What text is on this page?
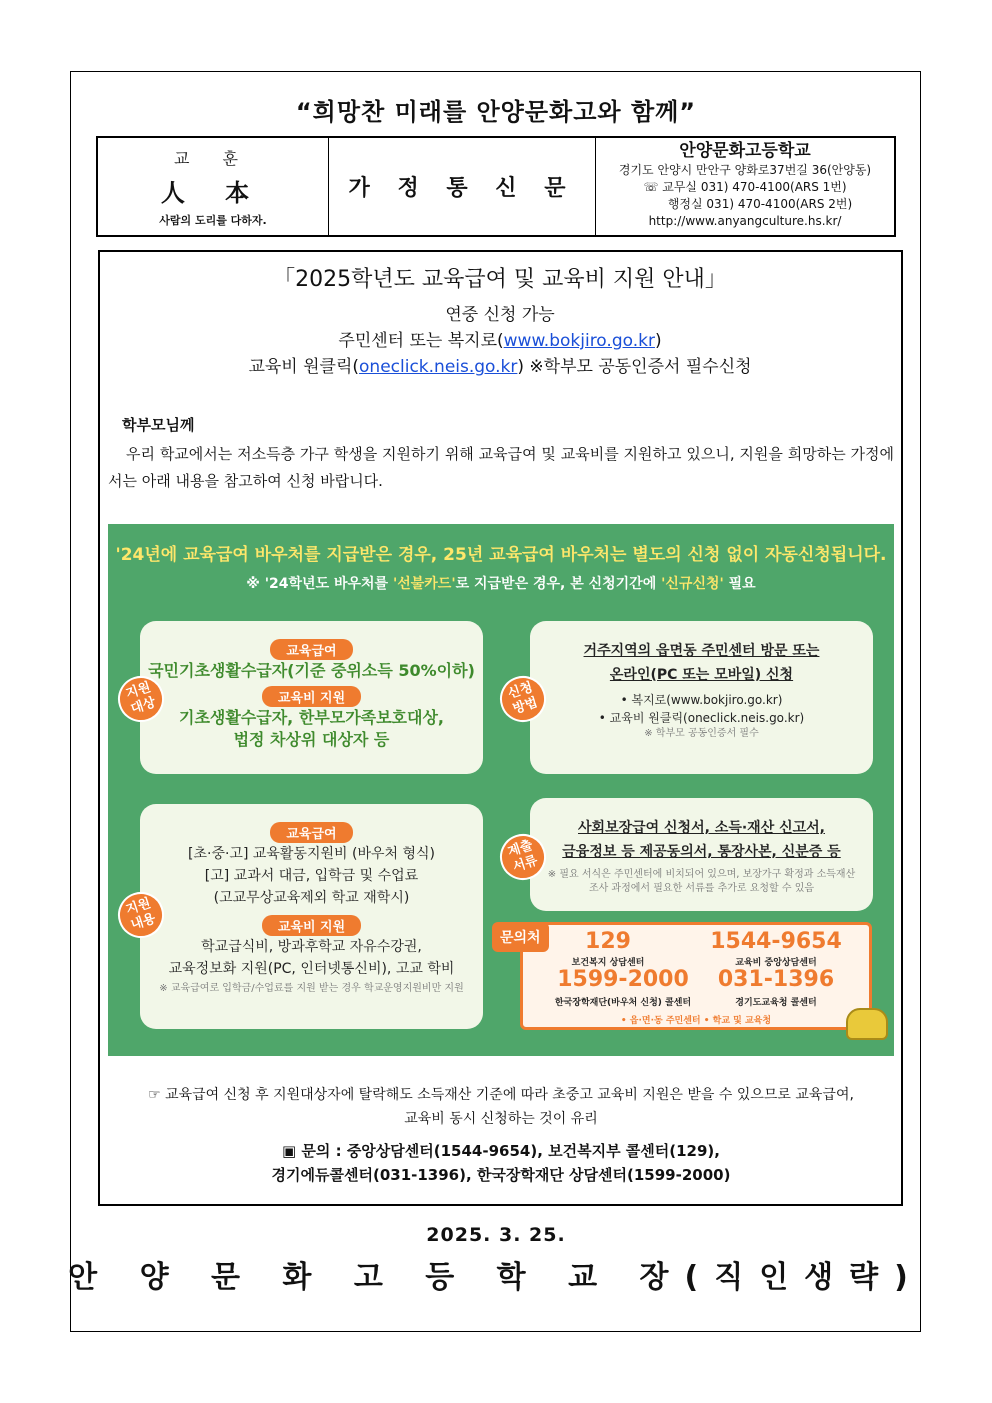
“희망찬 미래를 안양문화고와 함께”
교 훈
人 本
사람의 도리를 다하자.
가 정 통 신 문
안양문화고등학교
경기도 안양시 만안구 양화로37번길 36(안양동)
☏ 교무실 031) 470-4100(ARS 1번)
행정실 031) 470-4100(ARS 2번)
http://www.anyangculture.hs.kr/
「2025학년도 교육급여 및 교육비 지원 안내」
연중 신청 가능
주민센터 또는 복지로(www.bokjiro.go.kr)
교육비 원클릭(oneclick.neis.go.kr) ※학부모 공동인증서 필수신청
학부모님께
우리 학교에서는 저소득층 가구 학생을 지원하기 위해 교육급여 및 교육비를 지원하고 있으니, 지원을 희망하는 가정에서는 아래 내용을 참고하여 신청 바랍니다.
'24년에 교육급여 바우처를 지급받은 경우, 25년 교육급여 바우처는 별도의 신청 없이 자동신청됩니다.
※ '24학년도 바우처를 '선불카드'로 지급받은 경우, 본 신청기간에 '신규신청' 필요
교육급여
국민기초생활수급자(기준 중위소득 50%이하)
교육비 지원
기초생활수급자, 한부모가족보호대상,
법정 차상위 대상자 등
지원 대상
거주지역의 읍면동 주민센터 방문 또는
온라인(PC 또는 모바일) 신청
• 복지로(www.bokjiro.go.kr)
• 교육비 원클릭(oneclick.neis.go.kr)
※ 학부모 공동인증서 필수
신청 방법
교육급여
[초·중·고] 교육활동지원비 (바우처 형식)
[고] 교과서 대금, 입학금 및 수업료
(고교무상교육제외 학교 재학시)
교육비 지원
학교급식비, 방과후학교 자유수강권,
교육정보화 지원(PC, 인터넷통신비), 고교 학비
※ 교육급여로 입학금/수업료를 지원 받는 경우 학교운영지원비만 지원
지원 내용
사회보장급여 신청서, 소득·재산 신고서,
금융정보 등 제공동의서, 통장사본, 신분증 등
※ 필요 서식은 주민센터에 비치되어 있으며, 보장가구 확정과 소득재산
조사 과정에서 필요한 서류를 추가로 요청할 수 있음
제출 서류
129
보건복지 상담센터
1544-9654
교육비 중앙상담센터
1599-2000
한국장학재단(바우처 신청) 콜센터
031-1396
경기도교육청 콜센터
• 읍·면·동 주민센터 • 학교 및 교육청
문의처
☞ 교육급여 신청 후 지원대상자에 탈락해도 소득재산 기준에 따라 초중고 교육비 지원은 받을 수 있으므로 교육급여,
교육비 동시 신청하는 것이 유리
▣ 문의 : 중앙상담센터(1544-9654), 보건복지부 콜센터(129),
경기에듀콜센터(031-1396), 한국장학재단 상담센터(1599-2000)
2025. 3. 25.
안 양 문 화 고 등 학 교 장(직인생략)
